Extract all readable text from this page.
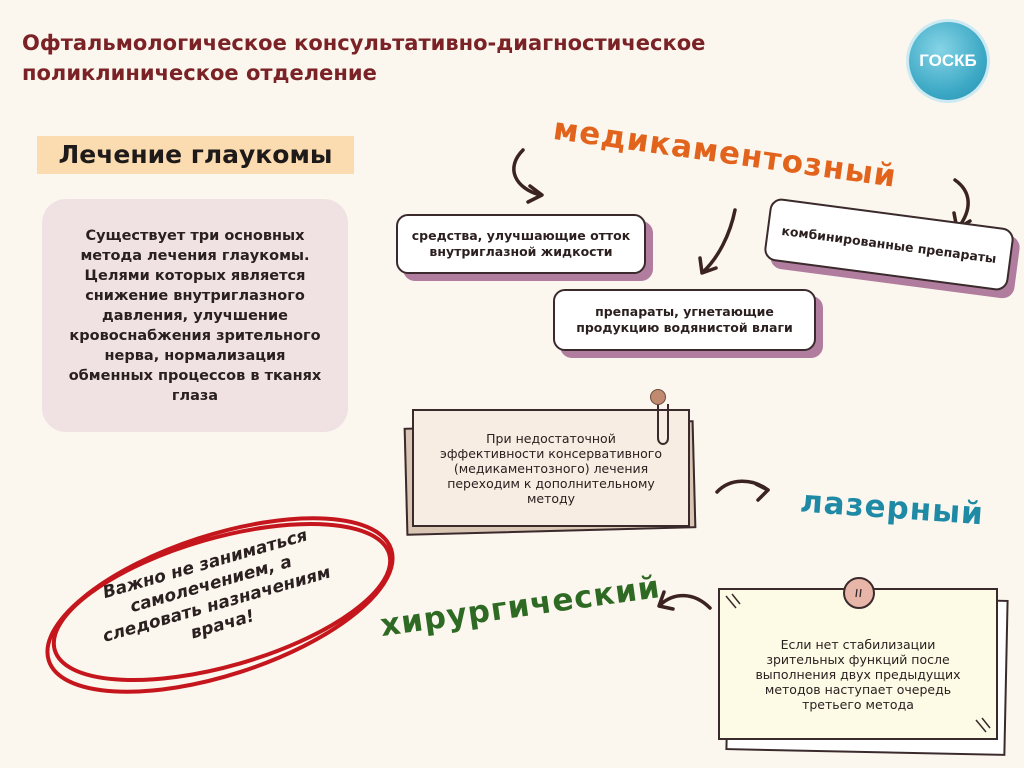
Офтальмологическое консультативно-диагностическое
поликлиническое отделение
ГОСКБ
Лечение глаукомы
Существует три основных метода лечения глаукомы. Целями которых является снижение внутриглазного давления, улучшение кровоснабжения зрительного нерва, нормализация обменных процессов в тканях глаза
медикаментозный
средства, улучшающие отток внутриглазной жидкости
препараты, угнетающие продукцию водянистой влаги
комбинированные препараты
При недостаточной эффективности консервативного (медикаментозного) лечения переходим к дополнительному методу	лазерный
хирургический	Если нет стабилизации зрительных функций после выполнения двух предыдущих методов наступает очередь третьего метода
Важно не заниматься самолечением, а следовать назначениям врача!
